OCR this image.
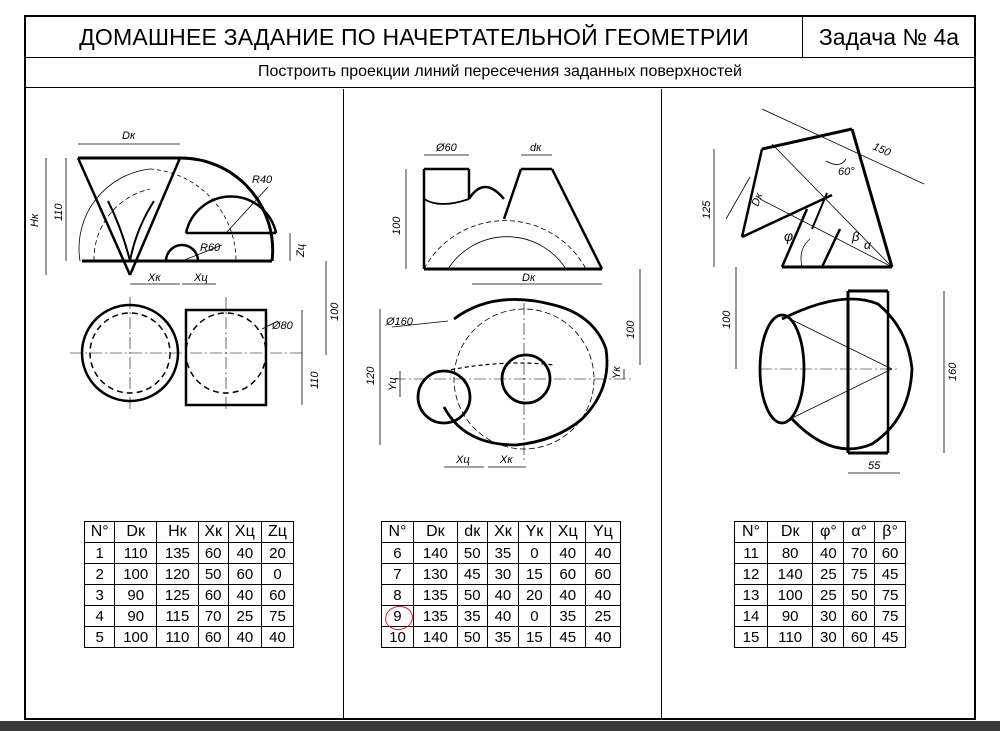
ДОМАШНЕЕ ЗАДАНИЕ ПО НАЧЕРТАТЕЛЬНОЙ ГЕОМЕТРИИ	Задача № 4а
Построить проекции линий пересечения заданных поверхностей
Dк
Hк 110
R40
R60	Zц
Xк	Xц
Ø80
100
110
N°	Dк	Hк	Xк	Xц	Zц
1	110	135	60	40	20
2	100	120	50	60	0
3	90	125	60	40	60
4	90	115	70	25	75
5	100	110	60	40	40
Ø60	dк
100
Dк
Ø160	100
120 Yц
Yк
Xц	Xк
N°	Dк	dк	Xк	Yк	Xц	Yц
6	140	50	35	0	40	40
7	130	45	30	15	60	60
8	135	50	40	20	40	40
9	135	35	40	0	35	25
10	140	50	35	15	45	40
150
60°
125
Dк
φ	β
α
100
160
55
N°	Dк	φ°	α°	β°
11	80	40	70	60
12	140	25	75	45
13	100	25	50	75
14	90	30	60	75
15	110	30	60	45
